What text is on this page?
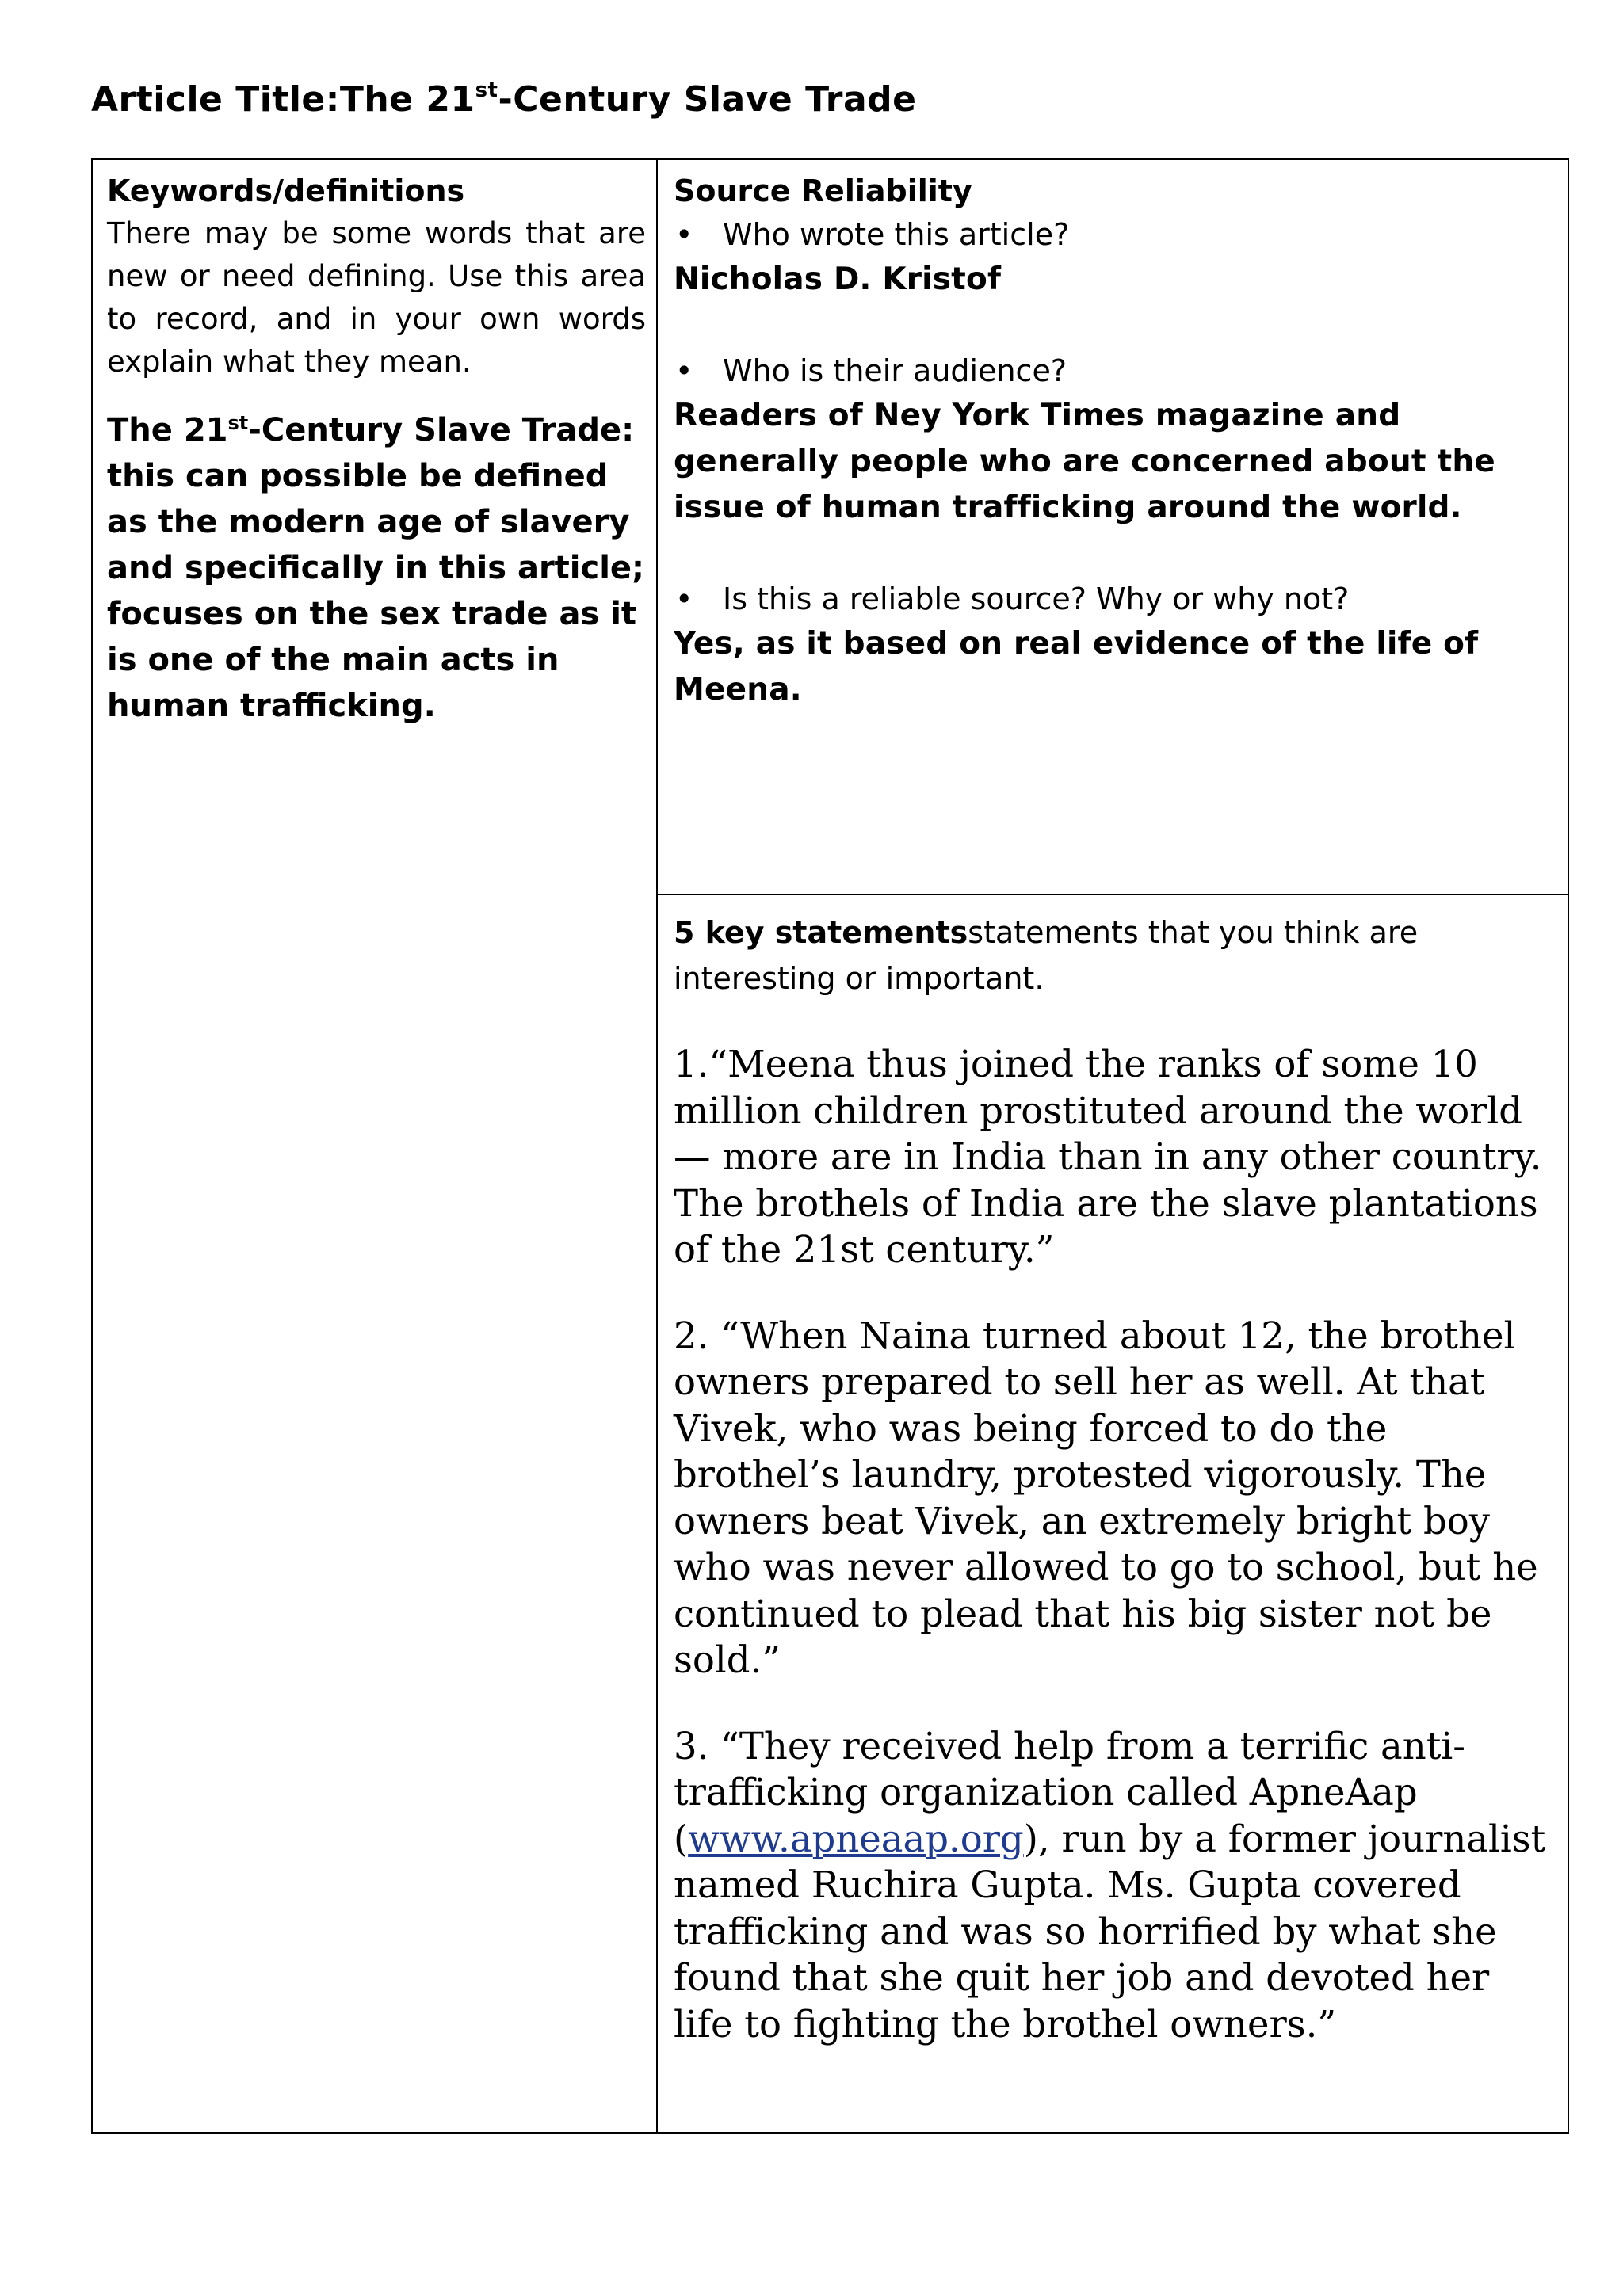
Article Title:The 21st-Century Slave Trade
Keywords/definitions
There may be some words that are new or need defining. Use this area to record, and in your own words explain what they mean.
The 21st-Century Slave Trade: this can possible be defined as the modern age of slavery and specifically in this article; focuses on the sex trade as it is one of the main acts in human trafficking.
Source Reliability
• Who wrote this article?
Nicholas D. Kristof
• Who is their audience?
Readers of Ney York Times magazine and generally people who are concerned about the issue of human trafficking around the world.
• Is this a reliable source? Why or why not?
Yes, as it based on real evidence of the life of Meena.
5 key statementsstatements that you think are interesting or important.
1.“Meena thus joined the ranks of some 10 million children prostituted around the world — more are in India than in any other country. The brothels of India are the slave plantations of the 21st century.”
2. “When Naina turned about 12, the brothel owners prepared to sell her as well. At that Vivek, who was being forced to do the brothel’s laundry, protested vigorously. The owners beat Vivek, an extremely bright boy who was never allowed to go to school, but he continued to plead that his big sister not be sold.”
3. “They received help from a terrific anti-trafficking organization called ApneAap (www.apneaap.org), run by a former journalist named Ruchira Gupta. Ms. Gupta covered trafficking and was so horrified by what she found that she quit her job and devoted her life to fighting the brothel owners.”
